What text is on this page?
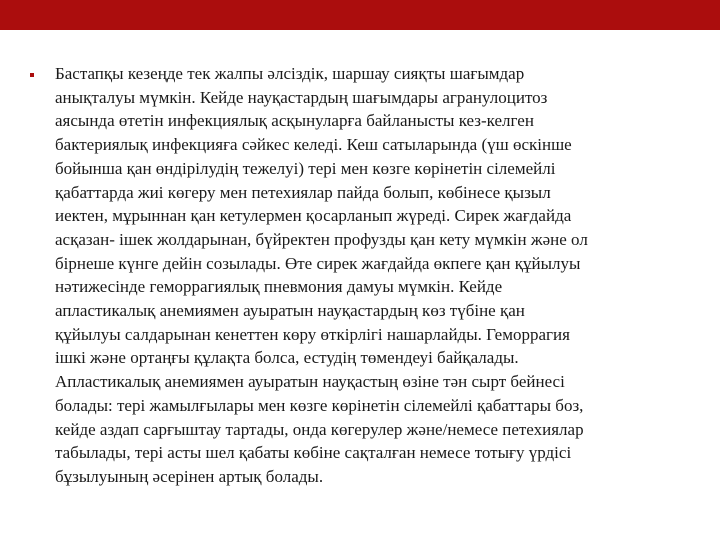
Бастапқы кезеңде тек жалпы әлсіздік, шаршау сияқты шағымдар
анықталуы мүмкін. Кейде науқастардың шағымдары агранулоцитоз
аясында өтетін инфекциялық асқынуларға байланысты кез-келген
бактериялық инфекцияға сәйкес келеді. Кеш сатыларында (үш өскінше
бойынша қан өндірілудің тежелуі) тері мен көзге көрінетін сілемейлі
қабаттарда жиі көгеру мен петехиялар пайда болып, көбінесе қызыл
иектен, мұрыннан қан кетулермен қосарланып жүреді. Сирек жағдайда
асқазан- ішек жолдарынан, бүйректен профузды қан кету мүмкін және ол
бірнеше күнге дейін созылады. Өте сирек жағдайда өкпеге қан құйылуы
нәтижесінде геморрагиялық пневмония дамуы мүмкін. Кейде
апластикалық анемиямен ауыратын науқастардың көз түбіне қан
құйылуы салдарынан кенеттен көру өткірлігі нашарлайды. Геморрагия
ішкі және ортаңғы құлақта болса, естудің төмендеуі байқалады.
Апластикалық анемиямен ауыратын науқастың өзіне тән сырт бейнесі
болады: тері жамылғылары мен көзге көрінетін сілемейлі қабаттары боз,
кейде аздап сарғыштау тартады, онда көгерулер және/немесе петехиялар
табылады, тері асты шел қабаты көбіне сақталған немесе тотығу үрдісі
бұзылуының әсерінен артық болады.
